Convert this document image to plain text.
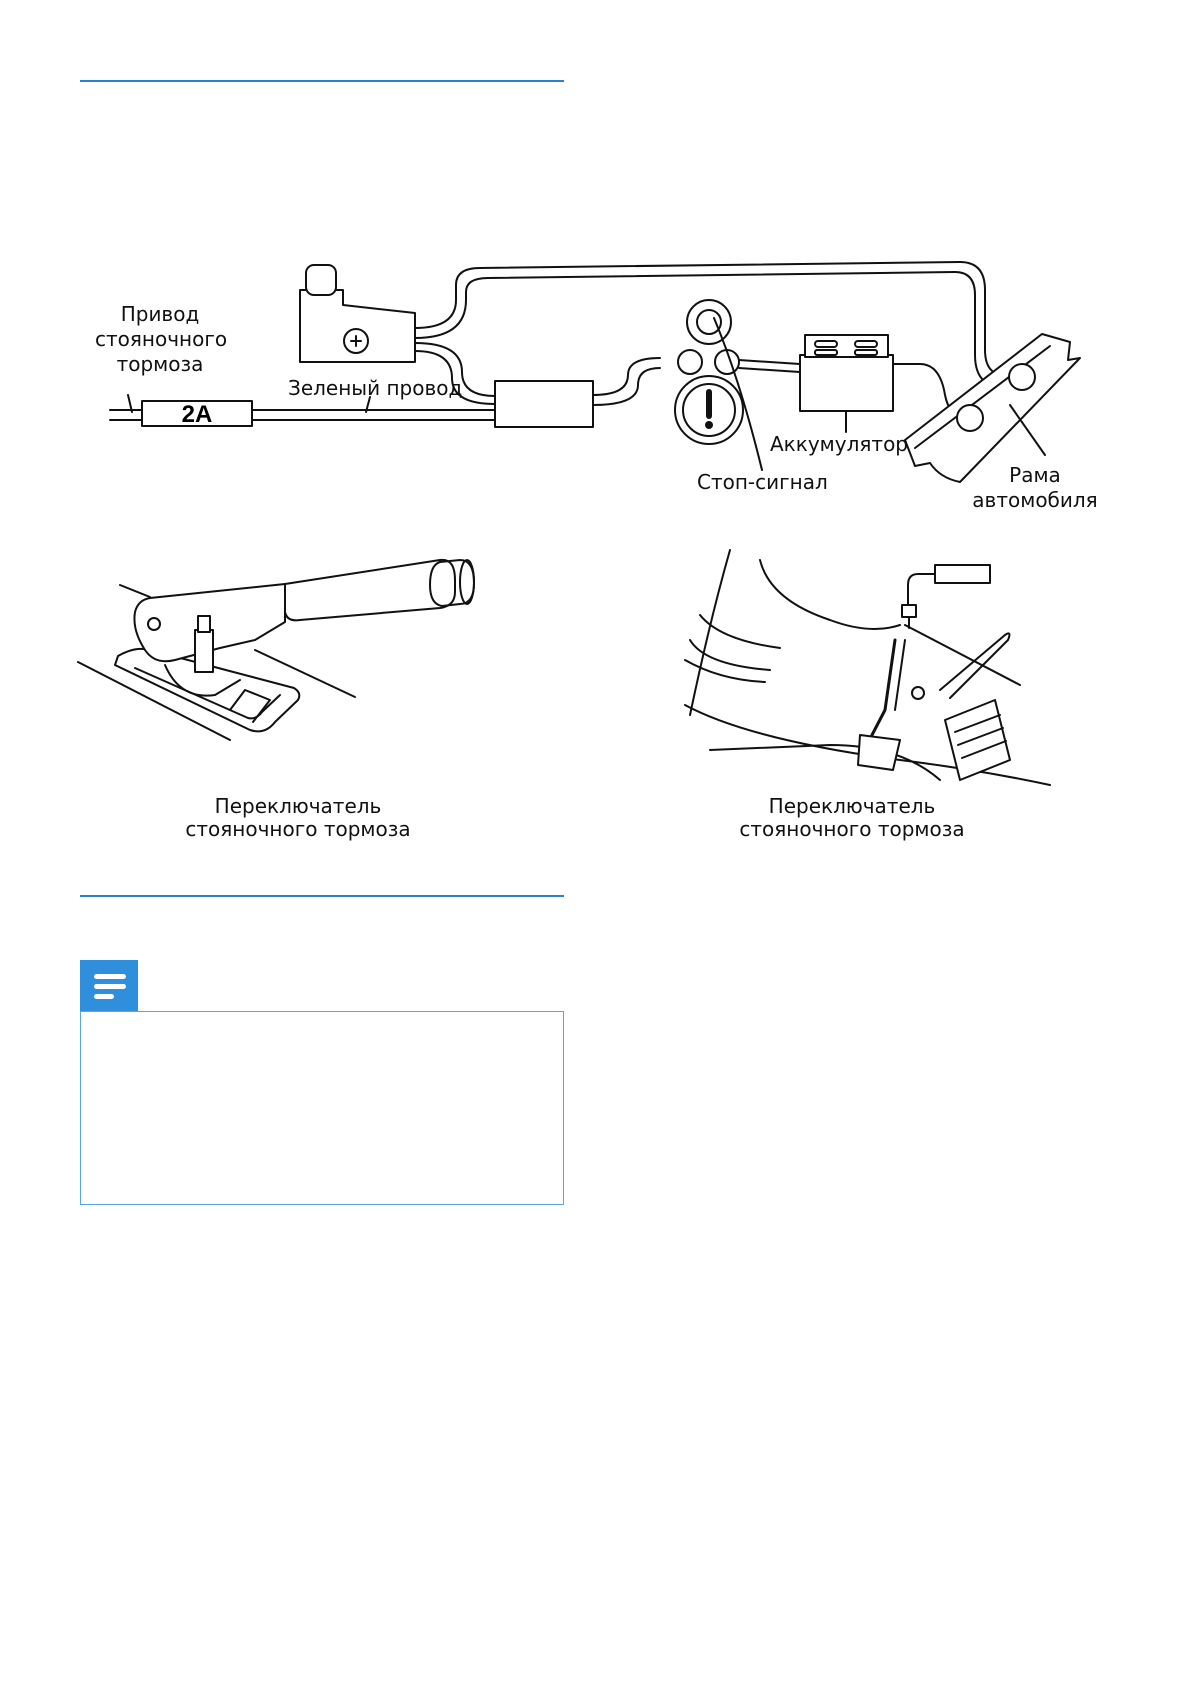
2A
Привод
стояночного
тормоза
Зеленый провод
Аккумулятор
Стоп-сигнал	Рама
автомобиля
Переключатель
стояночного тормоза
Переключатель
стояночного тормоза
